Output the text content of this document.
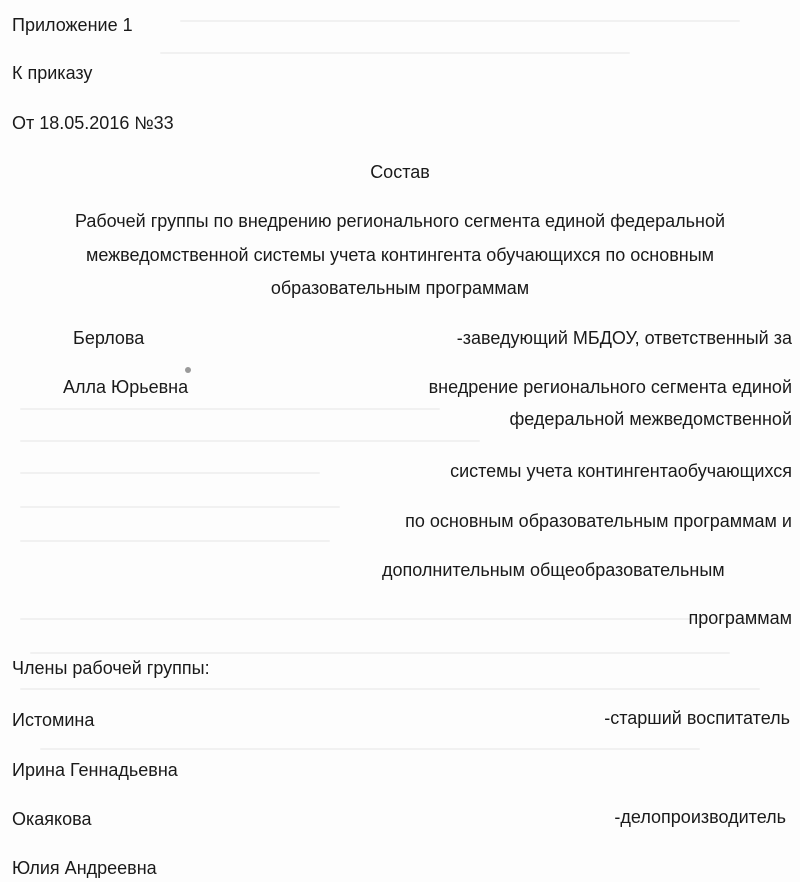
Приложение 1
К приказу
От 18.05.2016 №33
Состав
Рабочей группы по внедрению регионального сегмента единой федеральной
межведомственной системы учета контингента обучающихся по основным
образовательным программам
Берлова
Алла Юрьевна
-заведующий МБДОУ, ответственный за
внедрение регионального сегмента единой
федеральной межведомственной
системы учета контингентаобучающихся
по основным образовательным программам и
дополнительным общеобразовательным
программам
Члены рабочей группы:
Истомина	-старший воспитатель
Ирина Геннадьевна
Окаякова	-делопроизводитель
Юлия Андреевна
